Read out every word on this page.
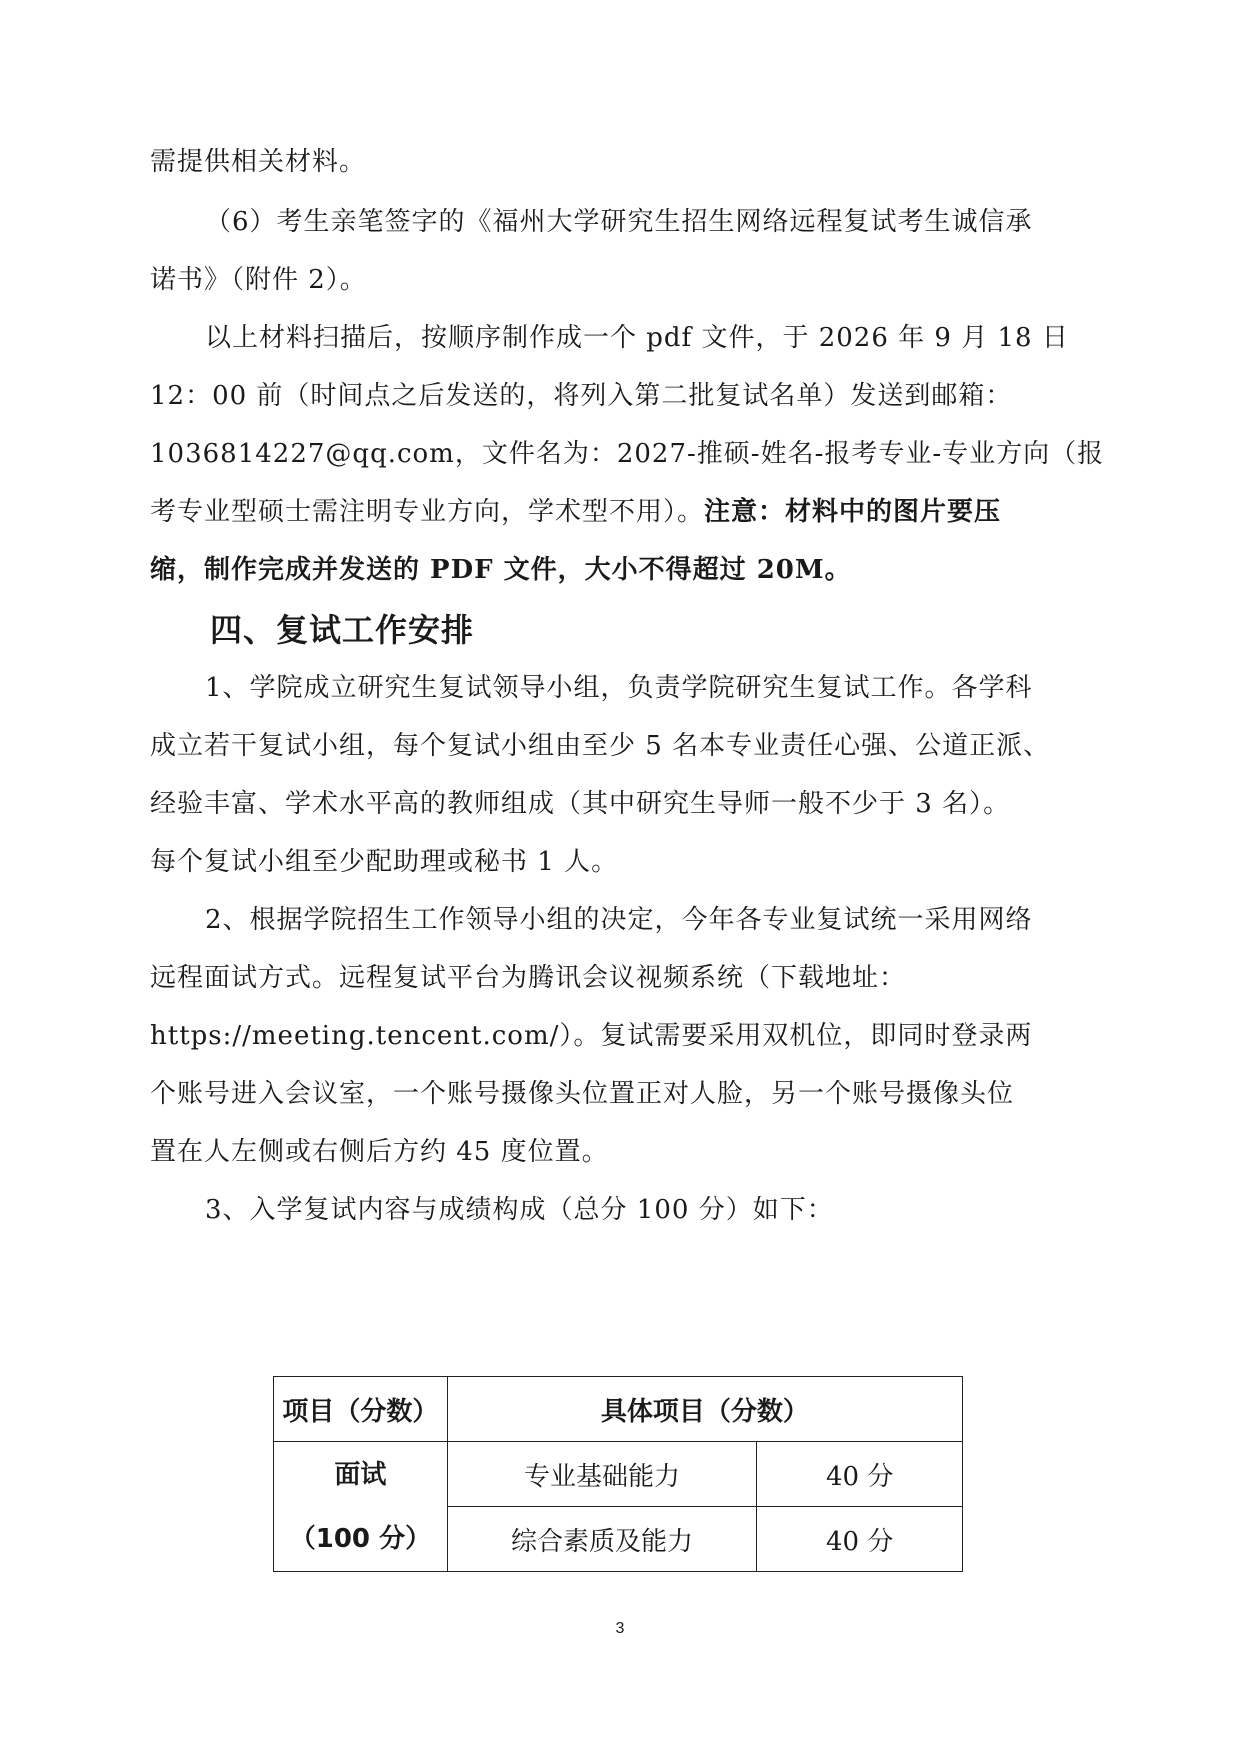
需提供相关材料。
（6）考生亲笔签字的《福州大学研究生招生网络远程复试考生诚信承
诺书》（附件 2）。
以上材料扫描后，按顺序制作成一个 pdf 文件，于 2026 年 9 月 18 日
12：00 前（时间点之后发送的，将列入第二批复试名单）发送到邮箱：
1036814227@qq.com，文件名为：2027-推硕-姓名-报考专业-专业方向（报
考专业型硕士需注明专业方向，学术型不用）。注意：材料中的图片要压
缩，制作完成并发送的 PDF 文件，大小不得超过 20M。
四、复试工作安排
1、学院成立研究生复试领导小组，负责学院研究生复试工作。各学科
成立若干复试小组，每个复试小组由至少 5 名本专业责任心强、公道正派、
经验丰富、学术水平高的教师组成（其中研究生导师一般不少于 3 名）。
每个复试小组至少配助理或秘书 1 人。
2、根据学院招生工作领导小组的决定，今年各专业复试统一采用网络
远程面试方式。远程复试平台为腾讯会议视频系统（下载地址：
https://meeting.tencent.com/）。复试需要采用双机位，即同时登录两
个账号进入会议室，一个账号摄像头位置正对人脸，另一个账号摄像头位
置在人左侧或右侧后方约 45 度位置。
3、入学复试内容与成绩构成（总分 100 分）如下：
项目（分数）	具体项目（分数）	

面试
（100 分）	专业基础能力	40 分
	综合素质及能力	40 分
3
